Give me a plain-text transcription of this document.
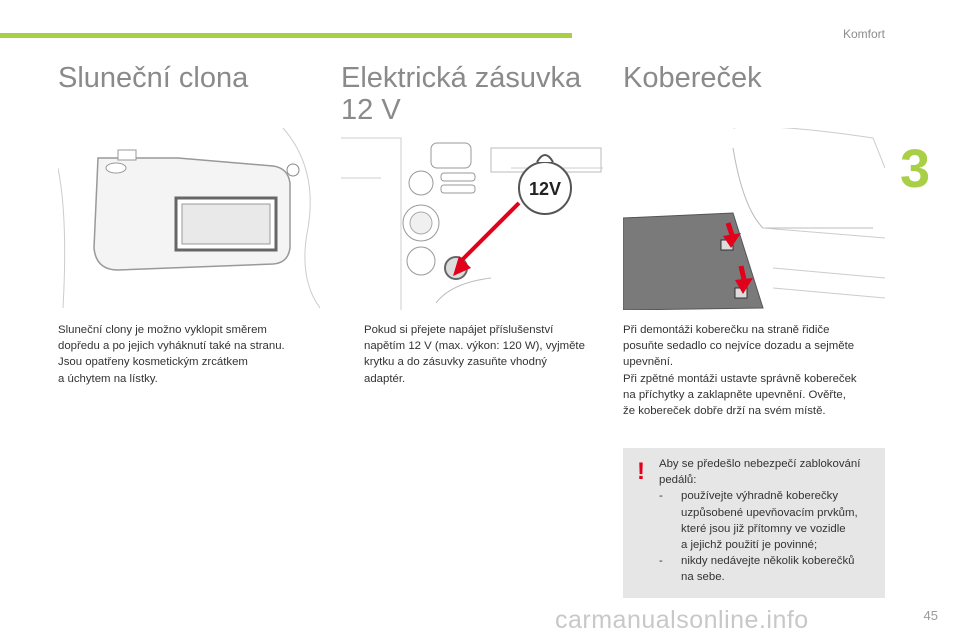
Komfort
3
Sluneční clona
Sluneční clony je možno vyklopit směrem
dopředu a po jejich vyháknutí také na stranu.
Jsou opatřeny kosmetickým zrcátkem
a úchytem na lístky.
Elektrická zásuvka
12 V
12V
Pokud si přejete napájet příslušenství
napětím 12 V (max. výkon: 120 W), vyjměte
krytku a do zásuvky zasuňte vhodný
adaptér.
Kobereček
Při demontáži koberečku na straně řidiče
posuňte sedadlo co nejvíce dozadu a sejměte
upevnění.
Při zpětné montáži ustavte správně kobereček
na příchytky a zaklapněte upevnění. Ověřte,
že kobereček dobře drží na svém místě.
! Aby se předešlo nebezpečí zablokování
pedálů:
-	používejte výhradně koberečky
uzpůsobené upevňovacím prvkům,
které jsou již přítomny ve vozidle
a jejichž použití je povinné;
-	nikdy nedávejte několik koberečků
na sebe.
carmanualsonline.info	45
